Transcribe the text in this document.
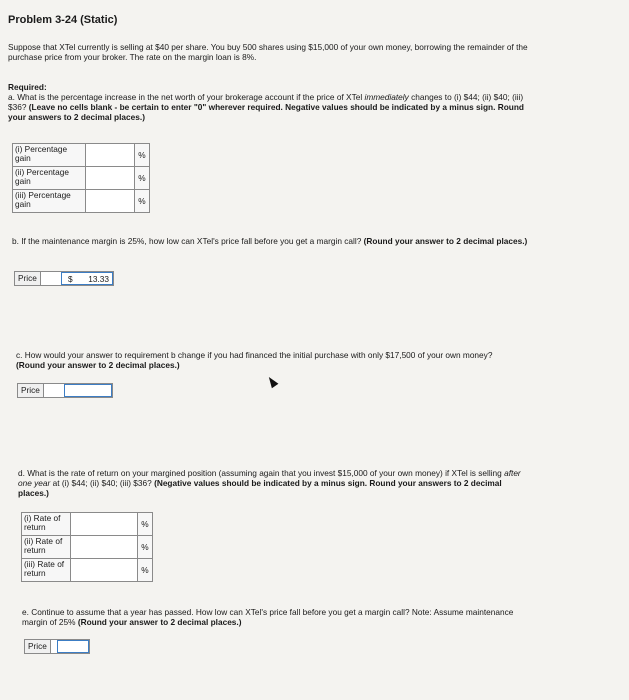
Problem 3-24 (Static)
Suppose that XTel currently is selling at $40 per share. You buy 500 shares using $15,000 of your own money, borrowing the remainder of the purchase price from your broker. The rate on the margin loan is 8%.
Required:
a. What is the percentage increase in the net worth of your brokerage account if the price of XTel immediately changes to (i) $44; (ii) $40; (iii) $36? (Leave no cells blank - be certain to enter "0" wherever required. Negative values should be indicated by a minus sign. Round your answers to 2 decimal places.)
(i) Percentage gain		%
(ii) Percentage gain		%
(iii) Percentage gain		%
b. If the maintenance margin is 25%, how low can XTel's price fall before you get a margin call? (Round your answer to 2 decimal places.)
Price	$ 13.33
c. How would your answer to requirement b change if you had financed the initial purchase with only $17,500 of your own money? (Round your answer to 2 decimal places.)
Price
d. What is the rate of return on your margined position (assuming again that you invest $15,000 of your own money) if XTel is selling after one year at (i) $44; (ii) $40; (iii) $36? (Negative values should be indicated by a minus sign. Round your answers to 2 decimal places.)
(i) Rate of return		%
(ii) Rate of return		%
(iii) Rate of return		%
e. Continue to assume that a year has passed. How low can XTel's price fall before you get a margin call? Note: Assume maintenance margin of 25% (Round your answer to 2 decimal places.)
Price
